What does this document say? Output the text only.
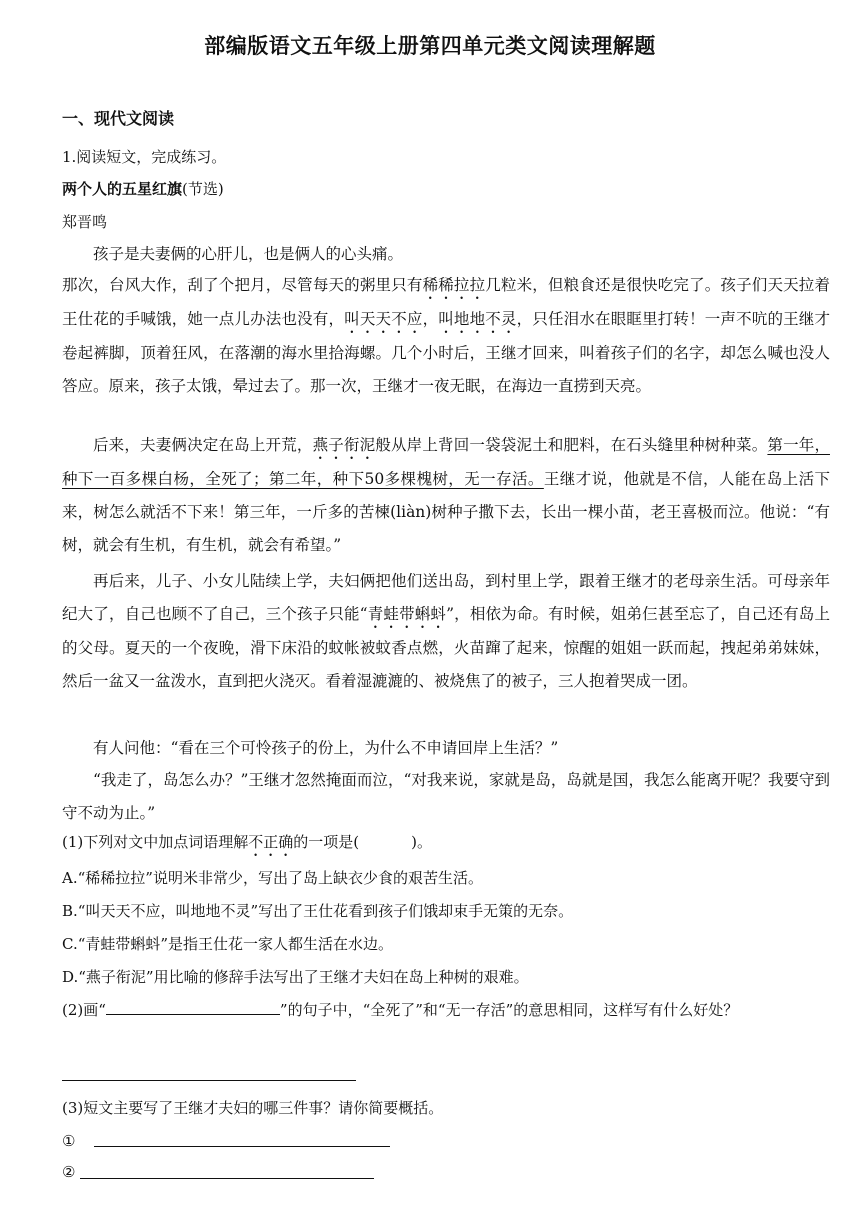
部编版语文五年级上册第四单元类文阅读理解题
一、现代文阅读
1.阅读短文，完成练习。
两个人的五星红旗(节选)
郑晋鸣
孩子是夫妻俩的心肝儿，也是俩人的心头痛。
那次，台风大作，刮了个把月，尽管每天的粥里只有稀稀拉拉几粒米，但粮食还是很快吃完了。孩子们天天拉着王仕花的手喊饿，她一点儿办法也没有，叫天天不应，叫地地不灵，只任泪水在眼眶里打转！一声不吭的王继才卷起裤脚，顶着狂风，在落潮的海水里拾海螺。几个小时后，王继才回来，叫着孩子们的名字，却怎么喊也没人答应。原来，孩子太饿，晕过去了。那一次，王继才一夜无眠，在海边一直捞到天亮。
后来，夫妻俩决定在岛上开荒，燕子衔泥般从岸上背回一袋袋泥土和肥料，在石头缝里种树种菜。第一年，种下一百多棵白杨，全死了；第二年，种下50多棵槐树，无一存活。王继才说，他就是不信，人能在岛上活下来，树怎么就活不下来！第三年，一斤多的苦楝(liàn)树种子撒下去，长出一棵小苗，老王喜极而泣。他说：“有树，就会有生机，有生机，就会有希望。”
再后来，儿子、小女儿陆续上学，夫妇俩把他们送出岛，到村里上学，跟着王继才的老母亲生活。可母亲年纪大了，自己也顾不了自己，三个孩子只能“青蛙带蝌蚪”，相依为命。有时候，姐弟仨甚至忘了，自己还有岛上的父母。夏天的一个夜晚，滑下床沿的蚊帐被蚊香点燃，火苗蹿了起来，惊醒的姐姐一跃而起，拽起弟弟妹妹，然后一盆又一盆泼水，直到把火浇灭。看着湿漉漉的、被烧焦了的被子，三人抱着哭成一团。
有人问他：“看在三个可怜孩子的份上，为什么不申请回岸上生活？”
“我走了，岛怎么办？”王继才忽然掩面而泣，“对我来说，家就是岛，岛就是国，我怎么能离开呢？我要守到守不动为止。”
(1)下列对文中加点词语理解不正确的一项是(	)。
A.“稀稀拉拉”说明米非常少，写出了岛上缺衣少食的艰苦生活。
B.“叫天天不应，叫地地不灵”写出了王仕花看到孩子们饿却束手无策的无奈。
C.“青蛙带蝌蚪”是指王仕花一家人都生活在水边。
D.“燕子衔泥”用比喻的修辞手法写出了王继才夫妇在岛上种树的艰难。
(2)画“	”的句子中，“全死了”和“无一存活”的意思相同，这样写有什么好处？
(3)短文主要写了王继才夫妇的哪三件事？请你简要概括。
①
②
